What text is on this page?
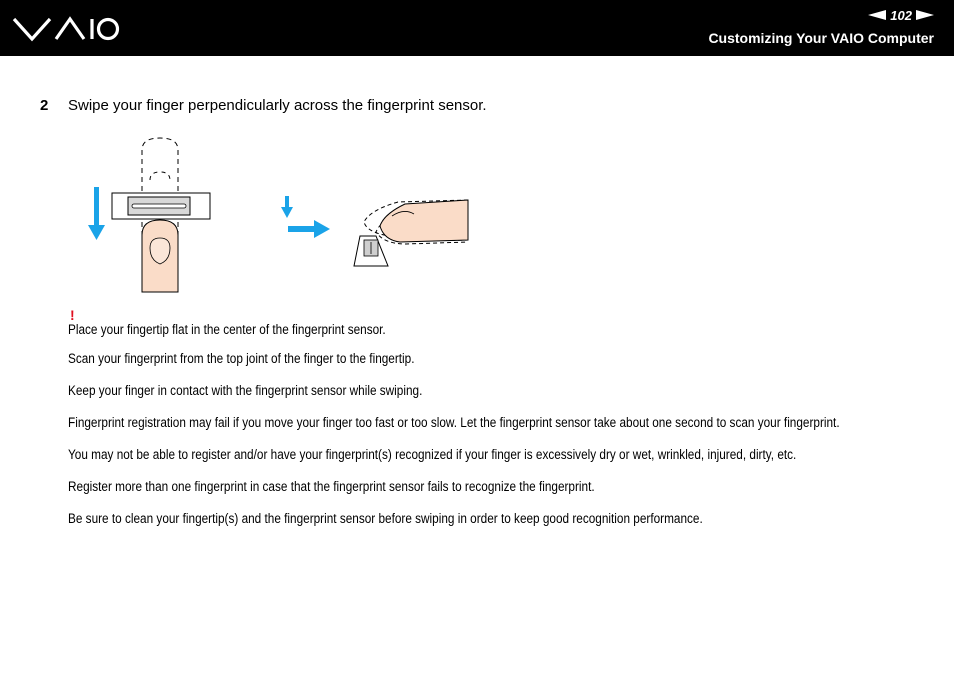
102
Customizing Your VAIO Computer
2 Swipe your finger perpendicularly across the fingerprint sensor.
!
Place your fingertip flat in the center of the fingerprint sensor.
Scan your fingerprint from the top joint of the finger to the fingertip.
Keep your finger in contact with the fingerprint sensor while swiping.
Fingerprint registration may fail if you move your finger too fast or too slow. Let the fingerprint sensor take about one second to scan your fingerprint.
You may not be able to register and/or have your fingerprint(s) recognized if your finger is excessively dry or wet, wrinkled, injured, dirty, etc.
Register more than one fingerprint in case that the fingerprint sensor fails to recognize the fingerprint.
Be sure to clean your fingertip(s) and the fingerprint sensor before swiping in order to keep good recognition performance.
